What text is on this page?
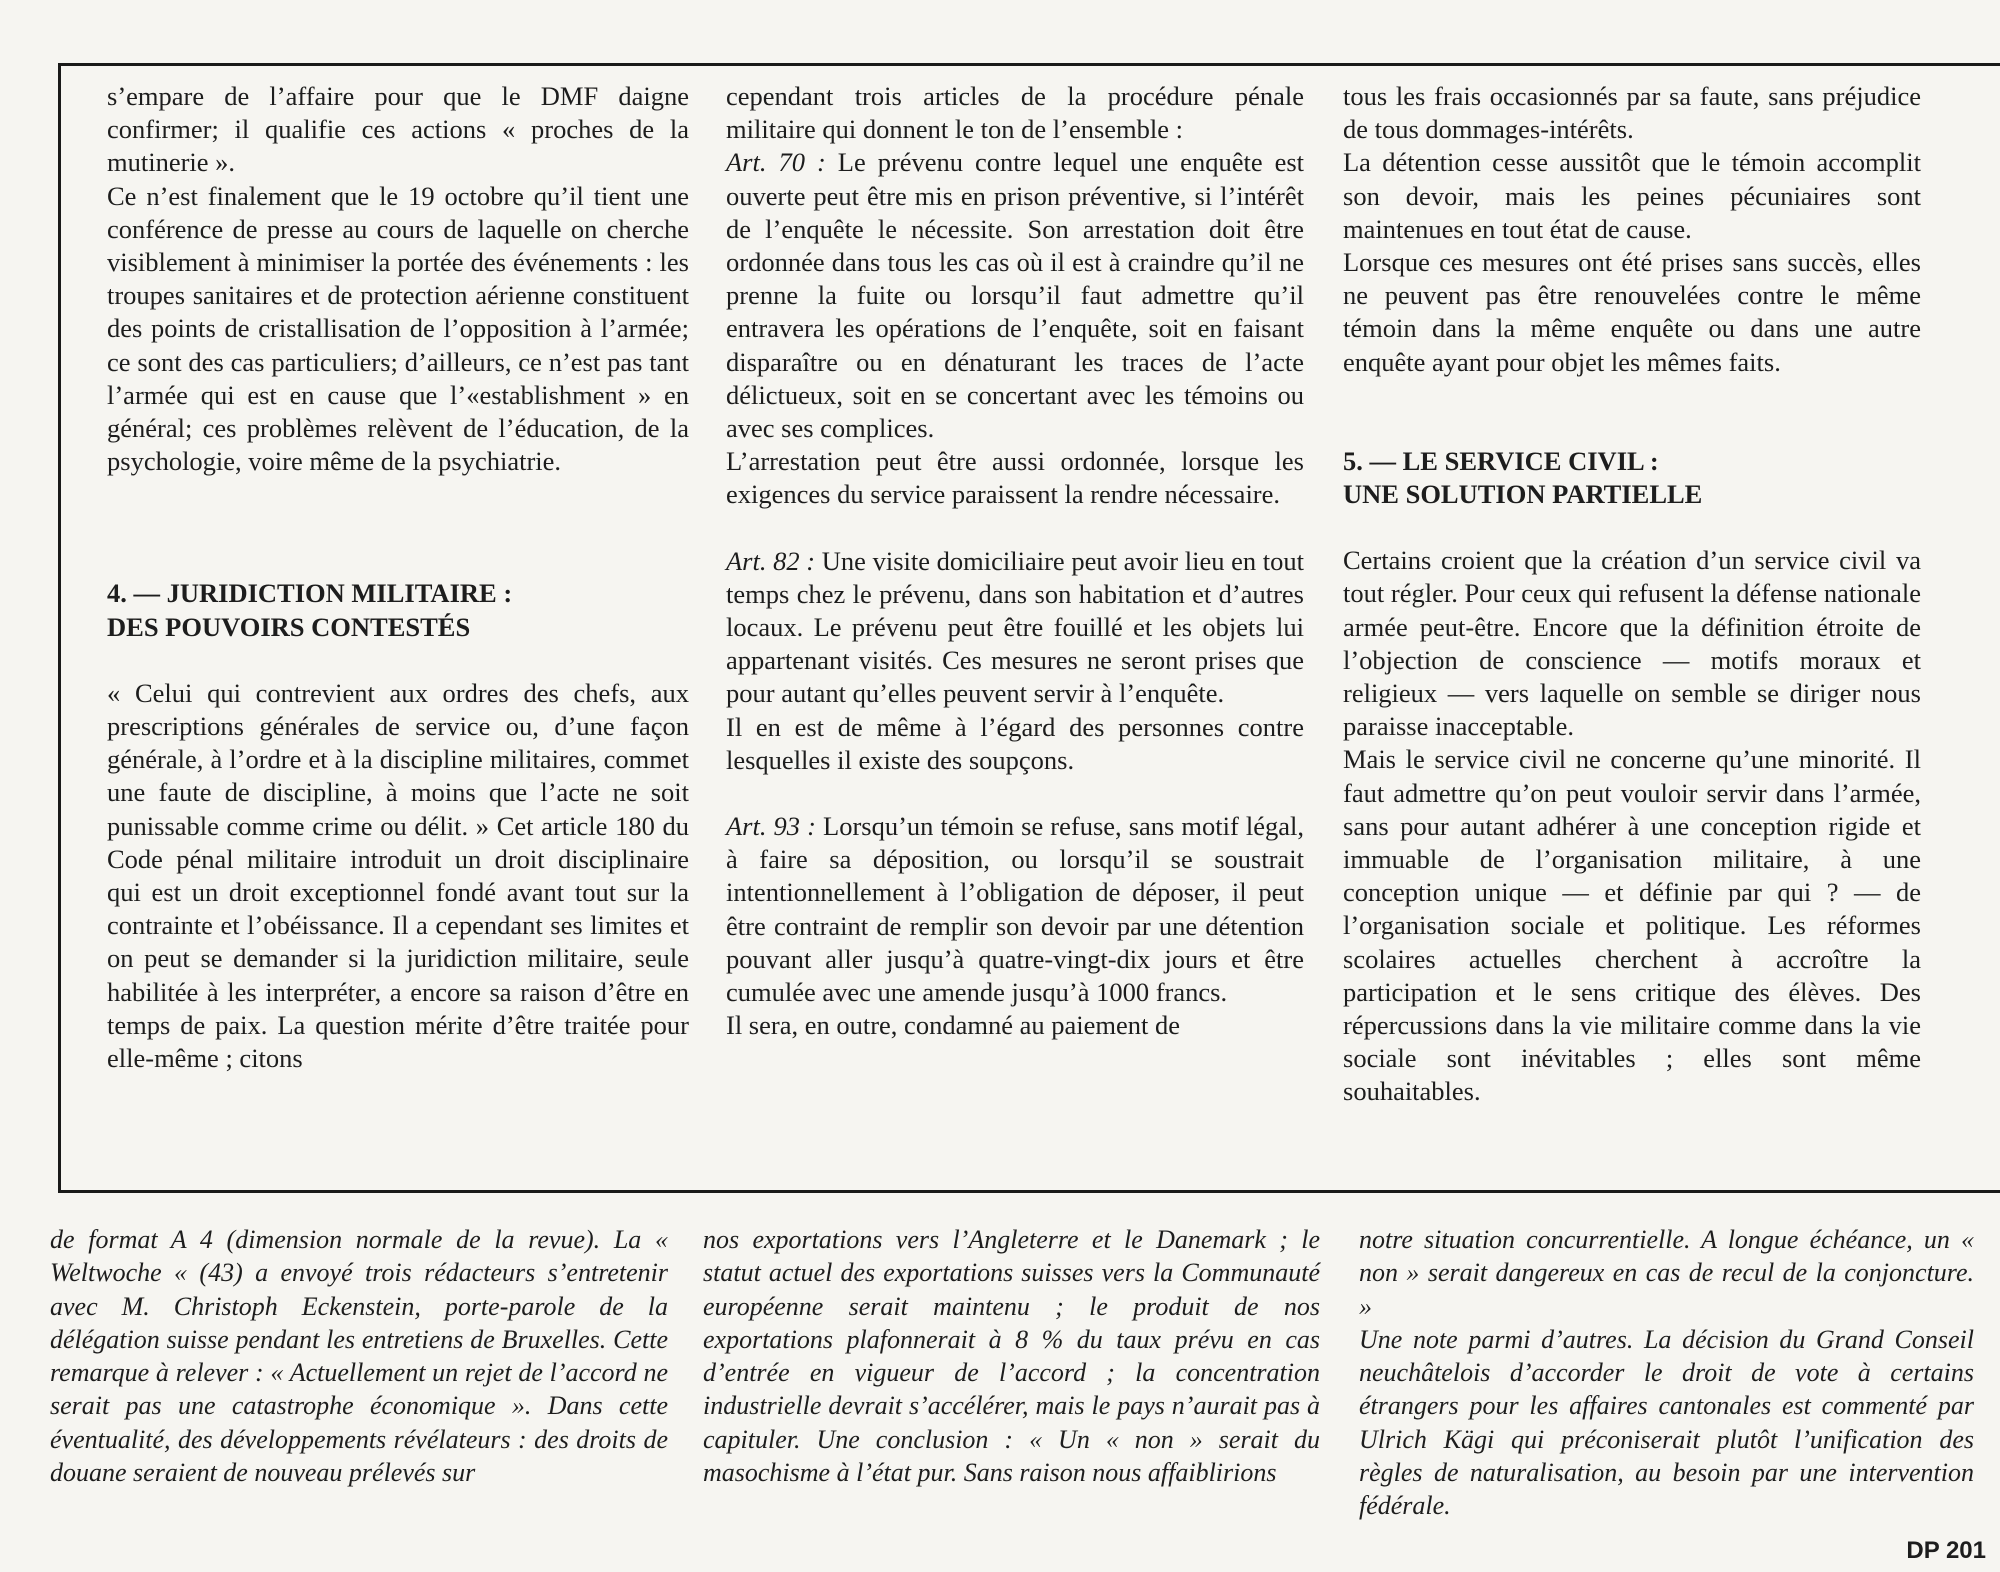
s’empare de l’affaire pour que le DMF daigne confirmer; il qualifie ces actions « proches de la mutinerie ».

Ce n’est finalement que le 19 octobre qu’il tient une conférence de presse au cours de laquelle on cherche visiblement à minimiser la portée des événements : les troupes sanitaires et de protection aérienne constituent des points de cristallisation de l’opposition à l’armée; ce sont des cas particuliers; d’ailleurs, ce n’est pas tant l’armée qui est en cause que l’«establishment » en général; ces problèmes relèvent de l’éducation, de la psychologie, voire même de la psychiatrie.

4. — JURIDICTION MILITAIRE :
DES POUVOIRS CONTESTÉS

« Celui qui contrevient aux ordres des chefs, aux prescriptions générales de service ou, d’une façon générale, à l’ordre et à la discipline militaires, commet une faute de discipline, à moins que l’acte ne soit punissable comme crime ou délit. » Cet article 180 du Code pénal militaire introduit un droit disciplinaire qui est un droit exceptionnel fondé avant tout sur la contrainte et l’obéissance. Il a cependant ses limites et on peut se demander si la juridiction militaire, seule habilitée à les interpréter, a encore sa raison d’être en temps de paix. La question mérite d’être traitée pour elle-même ; citons

cependant trois articles de la procédure pénale militaire qui donnent le ton de l’ensemble :

Art. 70 : Le prévenu contre lequel une enquête est ouverte peut être mis en prison préventive, si l’intérêt de l’enquête le nécessite. Son arrestation doit être ordonnée dans tous les cas où il est à craindre qu’il ne prenne la fuite ou lorsqu’il faut admettre qu’il entravera les opérations de l’enquête, soit en faisant disparaître ou en dénaturant les traces de l’acte délictueux, soit en se concertant avec les témoins ou avec ses complices.

L’arrestation peut être aussi ordonnée, lorsque les exigences du service paraissent la rendre nécessaire.

Art. 82 : Une visite domiciliaire peut avoir lieu en tout temps chez le prévenu, dans son habitation et d’autres locaux. Le prévenu peut être fouillé et les objets lui appartenant visités. Ces mesures ne seront prises que pour autant qu’elles peuvent servir à l’enquête.

Il en est de même à l’égard des personnes contre lesquelles il existe des soupçons.

Art. 93 : Lorsqu’un témoin se refuse, sans motif légal, à faire sa déposition, ou lorsqu’il se soustrait intentionnellement à l’obligation de déposer, il peut être contraint de remplir son devoir par une détention pouvant aller jusqu’à quatre-vingt-dix jours et être cumulée avec une amende jusqu’à 1000 francs.

Il sera, en outre, condamné au paiement de

tous les frais occasionnés par sa faute, sans préjudice de tous dommages-intérêts.

La détention cesse aussitôt que le témoin accomplit son devoir, mais les peines pécuniaires sont maintenues en tout état de cause.

Lorsque ces mesures ont été prises sans succès, elles ne peuvent pas être renouvelées contre le même témoin dans la même enquête ou dans une autre enquête ayant pour objet les mêmes faits.

5. — LE SERVICE CIVIL :
UNE SOLUTION PARTIELLE

Certains croient que la création d’un service civil va tout régler. Pour ceux qui refusent la défense nationale armée peut-être. Encore que la définition étroite de l’objection de conscience — motifs moraux et religieux — vers laquelle on semble se diriger nous paraisse inacceptable.

Mais le service civil ne concerne qu’une minorité. Il faut admettre qu’on peut vouloir servir dans l’armée, sans pour autant adhérer à une conception rigide et immuable de l’organisation militaire, à une conception unique — et définie par qui ? — de l’organisation sociale et politique. Les réformes scolaires actuelles cherchent à accroître la participation et le sens critique des élèves. Des répercussions dans la vie militaire comme dans la vie sociale sont inévitables ; elles sont même souhaitables.

de format A 4 (dimension normale de la revue). La « Weltwoche « (43) a envoyé trois rédacteurs s’entretenir avec M. Christoph Eckenstein, porte-parole de la délégation suisse pendant les entretiens de Bruxelles. Cette remarque à relever : « Actuellement un rejet de l’accord ne serait pas une catastrophe économique ». Dans cette éventualité, des développements révélateurs : des droits de douane seraient de nouveau prélevés sur

nos exportations vers l’Angleterre et le Danemark ; le statut actuel des exportations suisses vers la Communauté européenne serait maintenu ; le produit de nos exportations plafonnerait à 8 % du taux prévu en cas d’entrée en vigueur de l’accord ; la concentration industrielle devrait s’accélérer, mais le pays n’aurait pas à capituler. Une conclusion : « Un « non » serait du masochisme à l’état pur. Sans raison nous affaiblirions

notre situation concurrentielle. A longue échéance, un « non » serait dangereux en cas de recul de la conjoncture. »

Une note parmi d’autres. La décision du Grand Conseil neuchâtelois d’accorder le droit de vote à certains étrangers pour les affaires cantonales est commenté par Ulrich Kägi qui préconiserait plutôt l’unification des règles de naturalisation, au besoin par une intervention fédérale.

DP 201
